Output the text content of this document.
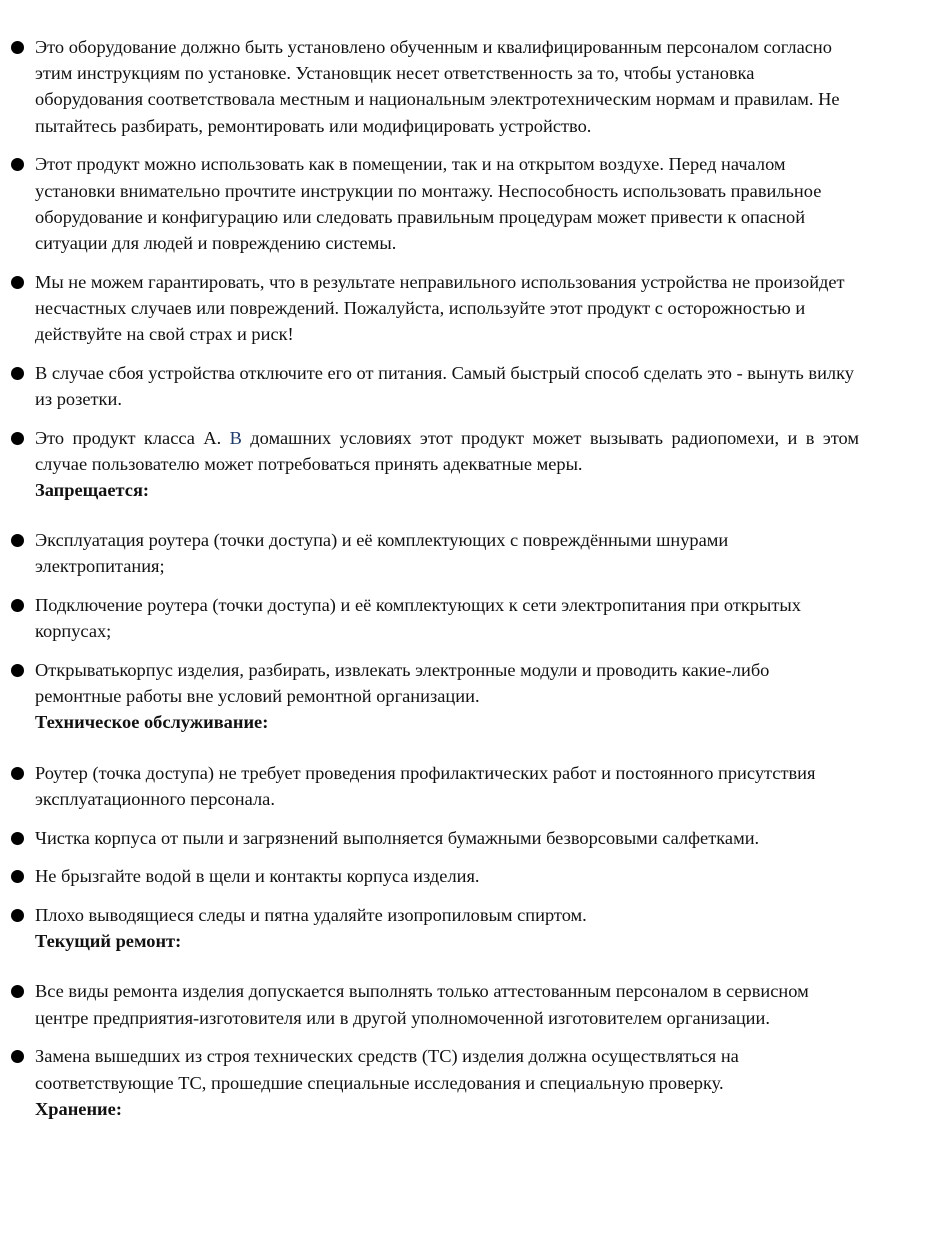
Это оборудование должно быть установлено обученным и квалифицированным персоналом согласно этим инструкциям по установке. Установщик несет ответственность за то, чтобы установка оборудования соответствовала местным и национальным электротехническим нормам и правилам. Не пытайтесь разбирать, ремонтировать или модифицировать устройство.
Этот продукт можно использовать как в помещении, так и на открытом воздухе. Перед началом установки внимательно прочтите инструкции по монтажу. Неспособность использовать правильное оборудование и конфигурацию или следовать правильным процедурам может привести к опасной ситуации для людей и повреждению системы.
Мы не можем гарантировать, что в результате неправильного использования устройства не произойдет несчастных случаев или повреждений. Пожалуйста, используйте этот продукт с осторожностью и действуйте на свой страх и риск!
В случае сбоя устройства отключите его от питания. Самый быстрый способ сделать это - вынуть вилку из розетки.
Это продукт класса А. В домашних условиях этот продукт может вызывать радиопомехи, и в этом случае пользователю может потребоваться принять адекватные меры.
Запрещается:
Эксплуатация роутера (точки доступа) и её комплектующих с повреждёнными шнурами электропитания;
Подключение роутера (точки доступа) и её комплектующих к сети электропитания при открытых корпусах;
Открыватькорпус изделия, разбирать, извлекать электронные модули и проводить какие-либо ремонтные работы вне условий ремонтной организации.
Техническое обслуживание:
Роутер (точка доступа) не требует проведения профилактических работ и постоянного присутствия эксплуатационного персонала.
Чистка корпуса от пыли и загрязнений выполняется бумажными безворсовыми салфетками.
Не брызгайте водой в щели и контакты корпуса изделия.
Плохо выводящиеся следы и пятна удаляйте изопропиловым спиртом.
Текущий ремонт:
Все виды ремонта изделия допускается выполнять только аттестованным персоналом в сервисном центре предприятия-изготовителя или в другой уполномоченной изготовителем организации.
Замена вышедших из строя технических средств (ТС) изделия должна осуществляться на соответствующие ТС, прошедшие специальные исследования и специальную проверку.
Хранение:
